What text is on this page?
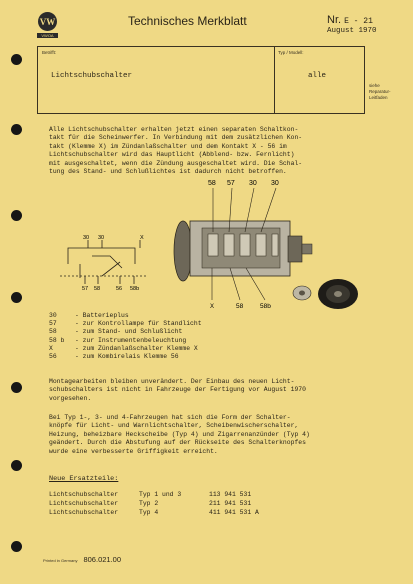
VW
VWOA
Technisches Merkblatt	Nr. E - 21
August 1970
Betrifft:	Typ / Modell:
Lichtschubschalter	alle
siehe
Reparatur-
Leitfaden
Alle Lichtschubschalter erhalten jetzt einen separaten Schaltkon-
takt für die Scheinwerfer. In Verbindung mit dem zusätzlichen Kon-
takt (Klemme X) im Zündanlaßschalter und dem Kontakt X - 56 im
Lichtschubschalter wird das Hauptlicht (Abblend- bzw. Fernlicht)
mit ausgeschaltet, wenn die Zündung ausgeschaltet wird. Die Schal-
tung des Stand- und Schlußlichtes ist dadurch nicht betroffen.
30 30	X
57 58	56 58b
58 57 30 30
X	58	58b
30	- Batterieplus
57	- zur Kontrollampe für Standlicht
58	- zum Stand- und Schlußlicht
58 b	- zur Instrumentenbeleuchtung
X	- zum Zündanlaßschalter Klemme X
56	- zum Kombirelais Klemme 56
Montagearbeiten bleiben unverändert. Der Einbau des neuen Licht-
schubschalters ist nicht in Fahrzeuge der Fertigung vor August 1970
vorgesehen.
Bei Typ 1-, 3- und 4-Fahrzeugen hat sich die Form der Schalter-
knöpfe für Licht- und Warnlichtschalter, Scheibenwischerschalter,
Heizung, beheizbare Heckscheibe (Typ 4) und Zigarrenanzünder (Typ 4)
geändert. Durch die Abstufung auf der Rückseite des Schalterknopfes
wurde eine verbesserte Griffigkeit erreicht.
Neue Ersatzteile:
Lichtschubschalter	Typ 1 und 3	113 941 531
Lichtschubschalter	Typ 2	211 941 531
Lichtschubschalter	Typ 4	411 941 531 A
Printed in Germany 806.021.00
